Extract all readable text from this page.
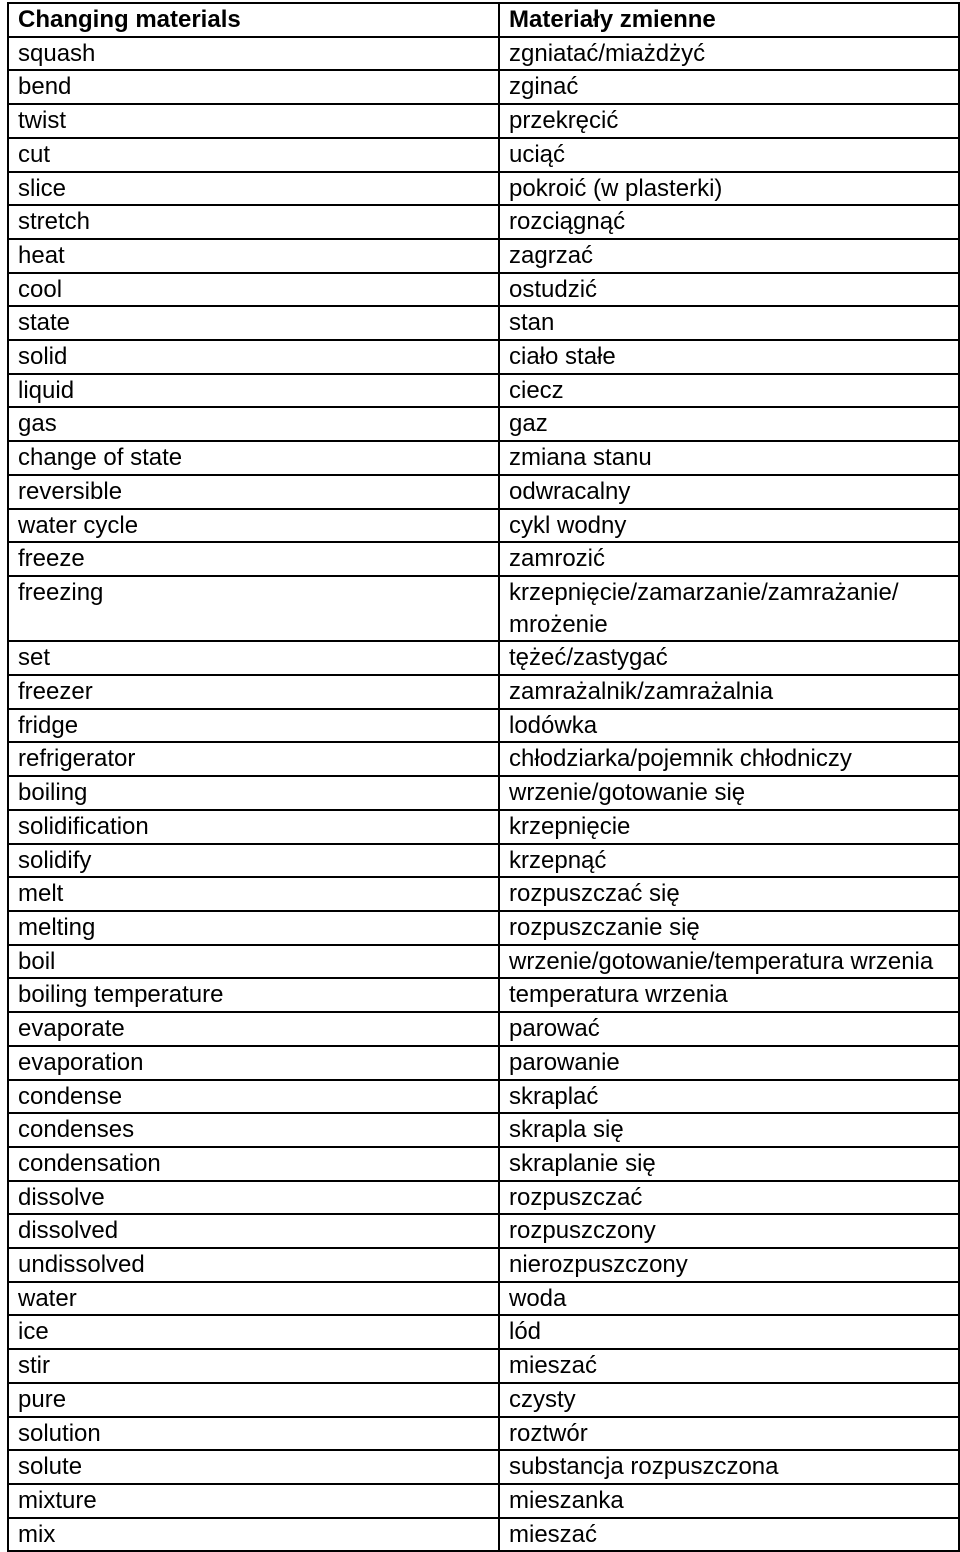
Changing materials	Materiały zmienne
squash	zgniatać/miażdżyć
bend	zginać
twist	przekręcić
cut	uciąć
slice	pokroić (w plasterki)
stretch	rozciągnąć
heat	zagrzać
cool	ostudzić
state	stan
solid	ciało stałe
liquid	ciecz
gas	gaz
change of state	zmiana stanu
reversible	odwracalny
water cycle	cykl wodny
freeze	zamrozić
freezing	krzepnięcie/zamarzanie/zamrażanie/ mrożenie
set	tężeć/zastygać
freezer	zamrażalnik/zamrażalnia
fridge	lodówka
refrigerator	chłodziarka/pojemnik chłodniczy
boiling	wrzenie/gotowanie się
solidification	krzepnięcie
solidify	krzepnąć
melt	rozpuszczać się
melting	rozpuszczanie się
boil	wrzenie/gotowanie/temperatura wrzenia
boiling temperature	temperatura wrzenia
evaporate	parować
evaporation	parowanie
condense	skraplać
condenses	skrapla się
condensation	skraplanie się
dissolve	rozpuszczać
dissolved	rozpuszczony
undissolved	nierozpuszczony
water	woda
ice	lód
stir	mieszać
pure	czysty
solution	roztwór
solute	substancja rozpuszczona
mixture	mieszanka
mix	mieszać
